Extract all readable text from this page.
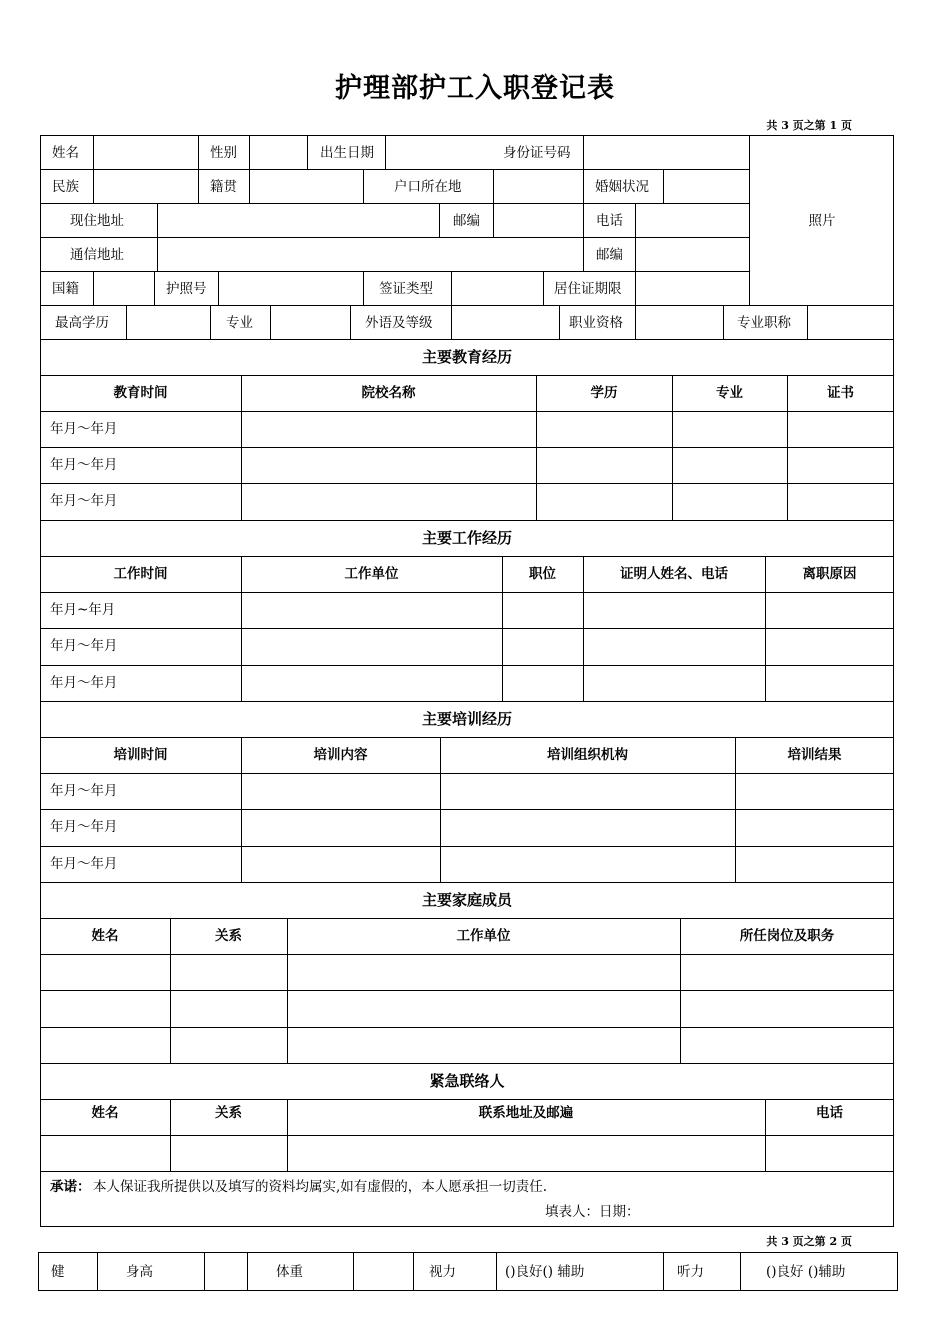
护理部护工入职登记表
共 3 页之第 1 页
姓名	性别	出生日期	身份证号码
民族	籍贯	户口所在地	婚姻状况
现住地址	邮编	电话	照片
通信地址	邮编
国籍	护照号	签证类型	居住证期限
最高学历	专业	外语及等级	职业资格	专业职称
主要教育经历
教育时间	院校名称	学历	专业	证书
年月～年月
年月～年月
年月～年月
主要工作经历
工作时间	工作单位	职位	证明人姓名、电话	离职原因
年月~年月
年月～年月
年月～年月
主要培训经历
培训时间	培训内容	培训组织机构	培训结果
年月～年月
年月～年月
年月～年月
主要家庭成员
姓名	关系	工作单位	所任岗位及职务
紧急联络人
姓名	关系	联系地址及邮遍	电话
承诺： 本人保证我所提供以及填写的资料均属实,如有虚假的，本人愿承担一切责任.
填表人：日期：
共 3 页之第 2 页
健	身高	体重	视力	()良好() 辅助	听力	()良好 ()辅助
